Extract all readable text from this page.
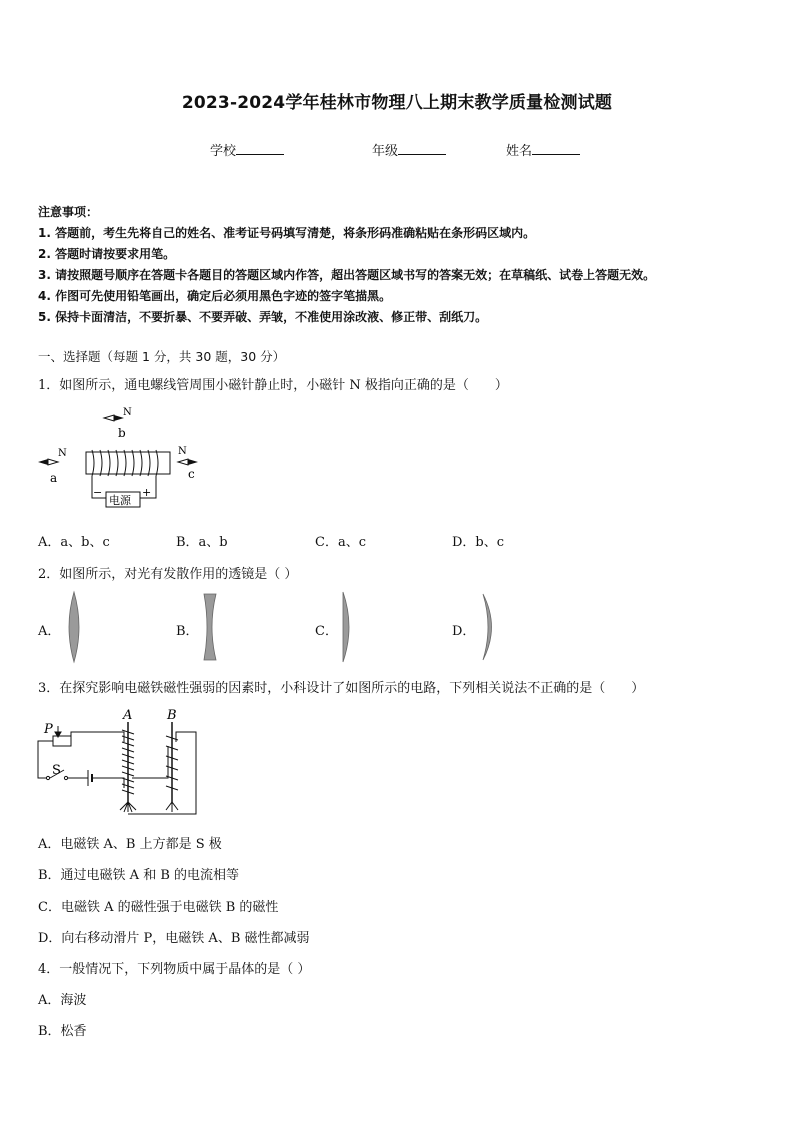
2023-2024学年桂林市物理八上期末教学质量检测试题
学校	年级	姓名
注意事项：
1. 答题前，考生先将自己的姓名、准考证号码填写清楚，将条形码准确粘贴在条形码区域内。
2. 答题时请按要求用笔。
3. 请按照题号顺序在答题卡各题目的答题区域内作答，超出答题区域书写的答案无效；在草稿纸、试卷上答题无效。
4. 作图可先使用铅笔画出，确定后必须用黑色字迹的签字笔描黑。
5. 保持卡面清洁，不要折暴、不要弄破、弄皱，不准使用涂改液、修正带、刮纸刀。
一、选择题（每题 1 分，共 30 题，30 分）
1．如图所示，通电螺线管周围小磁针静止时，小磁针 N 极指向正确的是（　　）
N
b
电源
−	+
N
a
N
c
A．a、b、c	B．a、b	C．a、c	D．b、c
2．如图所示，对光有发散作用的透镜是（ ）
A．	B．	C．	D．
3．在探究影响电磁铁磁性强弱的因素时，小科设计了如图所示的电路，下列相关说法不正确的是（　　）
P
S
A	B
A．电磁铁 A、B 上方都是 S 极
B．通过电磁铁 A 和 B 的电流相等
C．电磁铁 A 的磁性强于电磁铁 B 的磁性
D．向右移动滑片 P，电磁铁 A、B 磁性都减弱
4．一般情况下，下列物质中属于晶体的是（ ）
A．海波
B．松香
